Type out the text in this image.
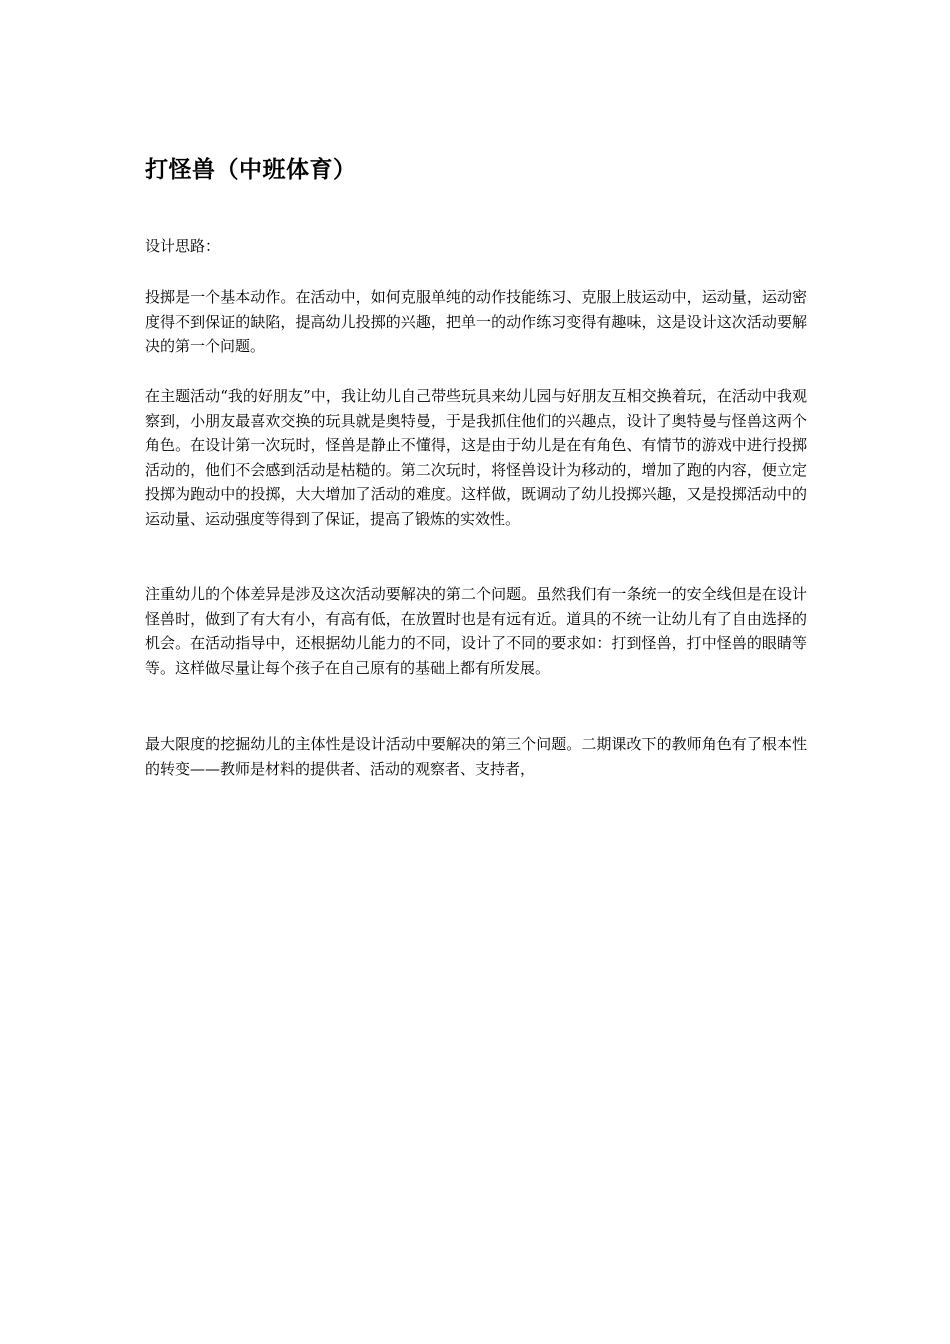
打怪兽（中班体育）

设计思路：

投掷是一个基本动作。在活动中，如何克服单纯的动作技能练习、克服上肢运动中，运动量，运动密度得不到保证的缺陷，提高幼儿投掷的兴趣，把单一的动作练习变得有趣味，这是设计这次活动要解决的第一个问题。

在主题活动“我的好朋友”中，我让幼儿自己带些玩具来幼儿园与好朋友互相交换着玩，在活动中我观察到，小朋友最喜欢交换的玩具就是奥特曼，于是我抓住他们的兴趣点，设计了奥特曼与怪兽这两个角色。在设计第一次玩时，怪兽是静止不懂得，这是由于幼儿是在有角色、有情节的游戏中进行投掷活动的，他们不会感到活动是枯糙的。第二次玩时，将怪兽设计为移动的，增加了跑的内容，便立定投掷为跑动中的投掷，大大增加了活动的难度。这样做，既调动了幼儿投掷兴趣，又是投掷活动中的运动量、运动强度等得到了保证，提高了锻炼的实效性。

注重幼儿的个体差异是涉及这次活动要解决的第二个问题。虽然我们有一条统一的安全线但是在设计怪兽时，做到了有大有小，有高有低，在放置时也是有远有近。道具的不统一让幼儿有了自由选择的机会。在活动指导中，还根据幼儿能力的不同，设计了不同的要求如：打到怪兽，打中怪兽的眼睛等等。这样做尽量让每个孩子在自己原有的基础上都有所发展。

最大限度的挖掘幼儿的主体性是设计活动中要解决的第三个问题。二期课改下的教师角色有了根本性的转变——教师是材料的提供者、活动的观察者、支持者，
